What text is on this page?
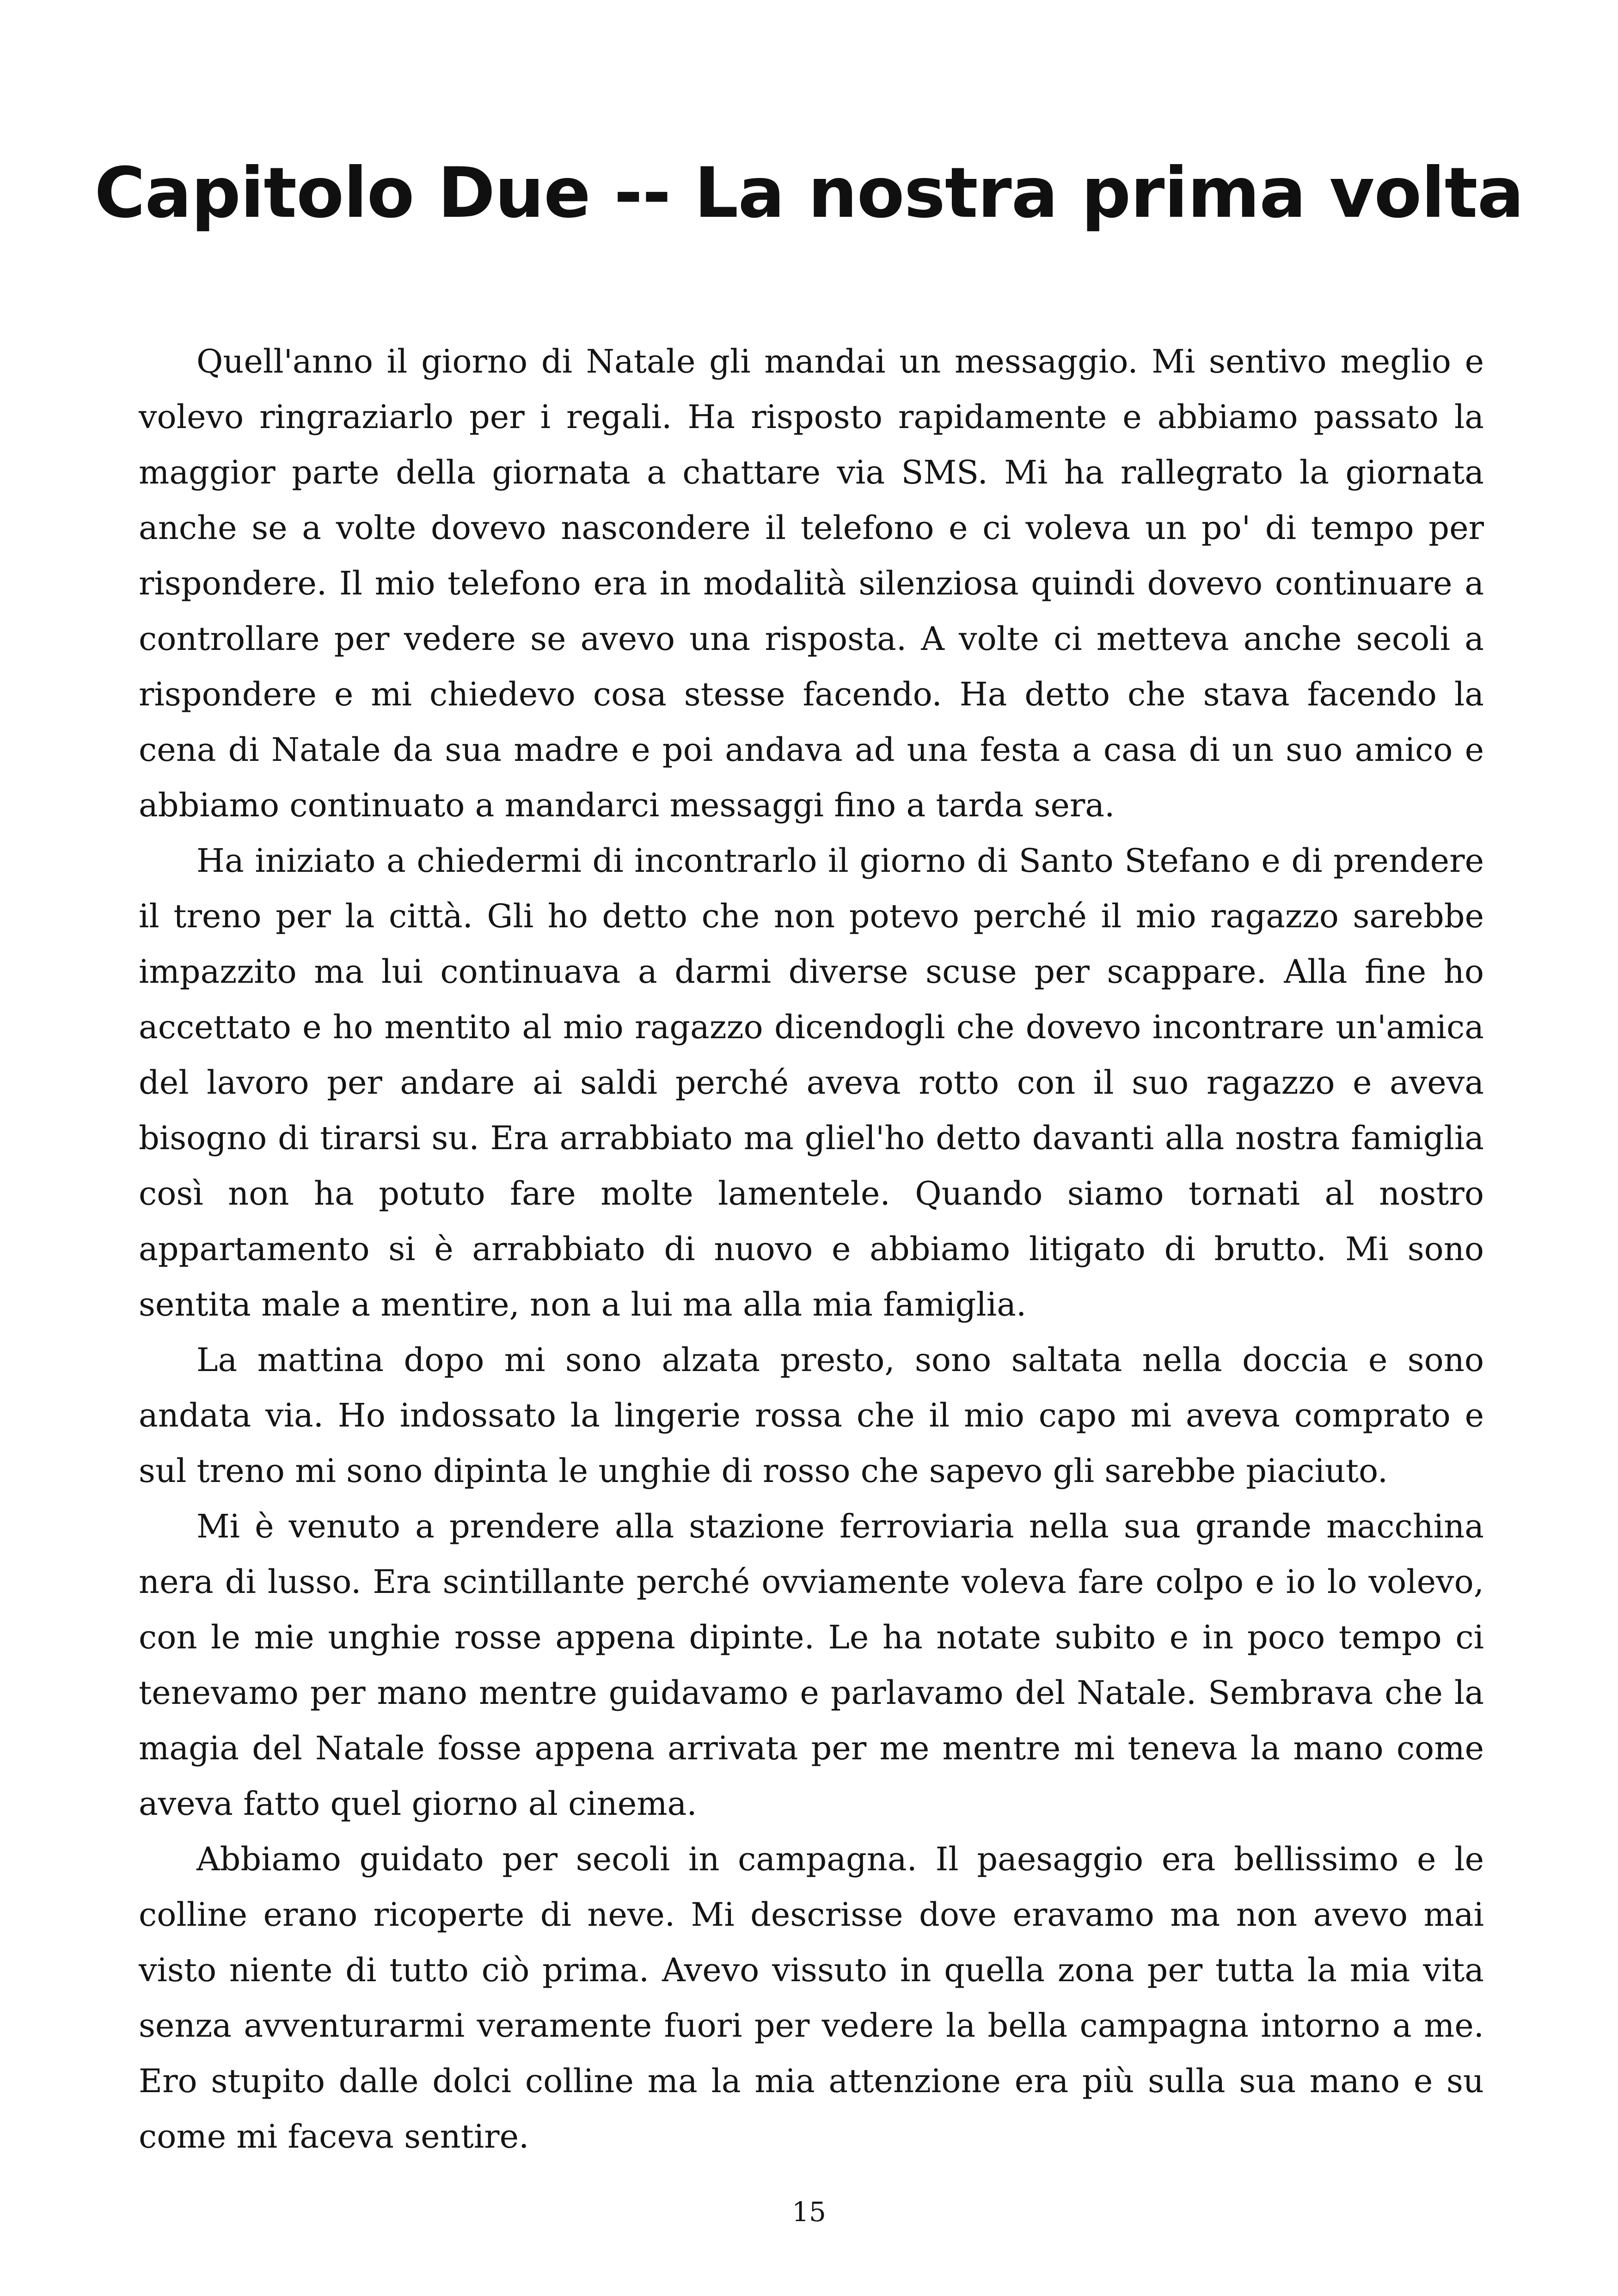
Capitolo Due -- La nostra prima volta

Quell'anno il giorno di Natale gli mandai un messaggio. Mi sentivo meglio e volevo ringraziarlo per i regali. Ha risposto rapidamente e abbiamo passato la maggior parte della giornata a chattare via SMS. Mi ha rallegrato la giornata anche se a volte dovevo nascondere il telefono e ci voleva un po' di tempo per rispondere. Il mio telefono era in modalità silenziosa quindi dovevo continuare a controllare per vedere se avevo una risposta. A volte ci metteva anche secoli a rispondere e mi chiedevo cosa stesse facendo. Ha detto che stava facendo la cena di Natale da sua madre e poi andava ad una festa a casa di un suo amico e abbiamo continuato a mandarci messaggi fino a tarda sera.

Ha iniziato a chiedermi di incontrarlo il giorno di Santo Stefano e di prendere il treno per la città. Gli ho detto che non potevo perché il mio ragazzo sarebbe impazzito ma lui continuava a darmi diverse scuse per scappare. Alla fine ho accettato e ho mentito al mio ragazzo dicendogli che dovevo incontrare un'amica del lavoro per andare ai saldi perché aveva rotto con il suo ragazzo e aveva bisogno di tirarsi su. Era arrabbiato ma gliel'ho detto davanti alla nostra famiglia così non ha potuto fare molte lamentele. Quando siamo tornati al nostro appartamento si è arrabbiato di nuovo e abbiamo litigato di brutto. Mi sono sentita male a mentire, non a lui ma alla mia famiglia.

La mattina dopo mi sono alzata presto, sono saltata nella doccia e sono andata via. Ho indossato la lingerie rossa che il mio capo mi aveva comprato e sul treno mi sono dipinta le unghie di rosso che sapevo gli sarebbe piaciuto.

Mi è venuto a prendere alla stazione ferroviaria nella sua grande macchina nera di lusso. Era scintillante perché ovviamente voleva fare colpo e io lo volevo, con le mie unghie rosse appena dipinte. Le ha notate subito e in poco tempo ci tenevamo per mano mentre guidavamo e parlavamo del Natale. Sembrava che la magia del Natale fosse appena arrivata per me mentre mi teneva la mano come aveva fatto quel giorno al cinema.

Abbiamo guidato per secoli in campagna. Il paesaggio era bellissimo e le colline erano ricoperte di neve. Mi descrisse dove eravamo ma non avevo mai visto niente di tutto ciò prima. Avevo vissuto in quella zona per tutta la mia vita senza avventurarmi veramente fuori per vedere la bella campagna intorno a me. Ero stupito dalle dolci colline ma la mia attenzione era più sulla sua mano e su come mi faceva sentire.

15
